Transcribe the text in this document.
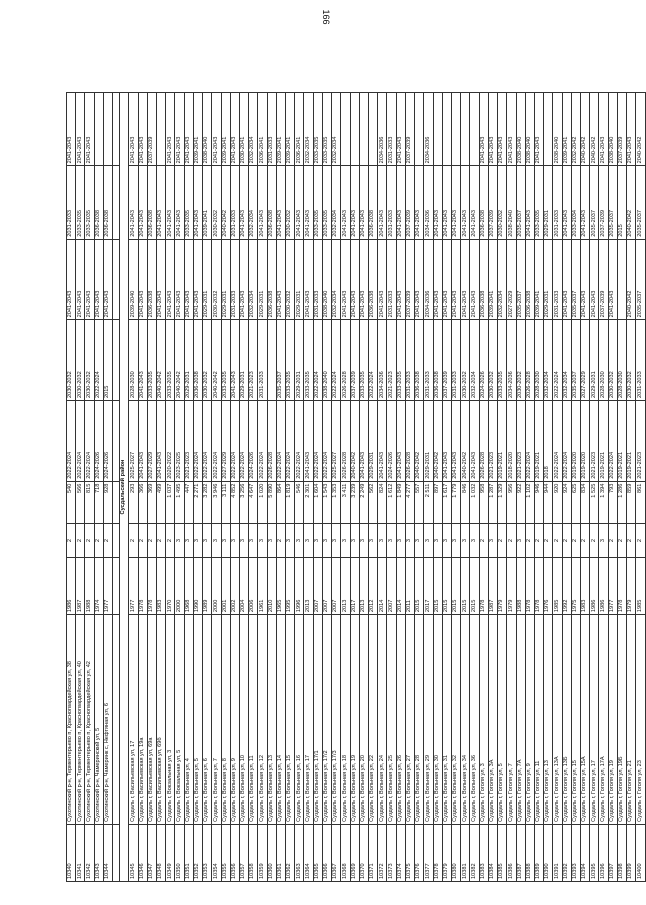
166
10340	Сухотинский р-н, Терментерьево п, Красногвардейская ул, 38	1986	2	540	2022-2024	2030-2032	2041-2043	2031-2033	2041-2043
10341	Сухотинский р-н, Терментерьево п, Красногвардейская ул, 40	1987	2	566	2022-2024	2030-2032	2041-2043	2033-2035	2041-2043
10342	Сухотинский р-н, Терментерьево п, Красногвардейская ул, 42	1988	2	815	2022-2024	2030-2032	2041-2043	2033-2035	2041-2043
10343	Сухотинский р-н, Чамеринский ул, 5	1974	2	718	2024-2026	2022-2024	2041-2043	2036-2038	
10344	Сухотинский р-н, Чамеринк с, Нефтяная ул, 6	1977	2	928	2024-2026	2015	2041-2043	2036-2038	

Сусдальский район									
10345	Суздаль г, Васильевская ул, 17	1977	2	293	2025-2027	2028-2030	2039-2040	2041-2043	2041-2043
10346	Суздаль г, Васильевская ул, 19а	1978	2	366	2041-2043	2041-2043	2041-2043	2041-2043	2041-2043
10347	Суздаль г, Васильевская ул, 69а	1978	2	369	2027-2029	2033-2035	2036-2038	2036-2038	2037-2039
10348	Суздаль г, Васильевская ул, 69б	1983	2	499	2041-2043	2040-2042	2041-2043	2041-2043	
10349	Суздаль г, Вокзальная ул, 3	1970	2	1 037	2020-2022	2033-2035	2041-2043	2041-2043	2041-2043
10350	Суздаль г, Вокзальная ул, 5	2000	3	1 495	2023-2025	2040-2042	2041-2043	2041-2043	2041-2043
10351	Суздаль г, Вольная ул, 4	1968	3	447	2021-2023	2029-2031	2041-2043	2033-2035	2041-2043
10352	Суздаль г, Вольная ул, 5	1990	3	2 271	2022-2024	2036-2038	2041-2043	2041-2043	2039-2041
10353	Суздаль г, Вольная ул, 6	1989	3	3 282	2022-2024	2030-2032	2029-2031	2039-2041	2038-2040
10354	Суздаль г, Вольная ул, 7	2000	3	3 946	2022-2024	2040-2042	2030-2032	2030-2032	2041-2043
10355	Суздаль г, Вольная ул, 8	2001	3	3 111	2027-2029	2033-2035	2029-2031	2040-2042	2039-2041
10356	Суздаль г, Вольная ул, 9	2002	3	4 852	2022-2024	2041-2043	2031-2033	2031-2033	2041-2043
10357	Суздаль г, Вольная ул, 10	2004	3	3 256	2022-2024	2029-2031	2041-2043	2041-2043	2030-2041
10358	Суздаль г, Вольная ул, 11	2006	3	4 647	2024-2026	2021-2023	2032-2034	2032-2034	2032-2034
10359	Суздаль г, Вольная ул, 12	1961	3	1 020	2022-2024	2031-2033	2029-2031	2041-2043	2036-2041
10360	Суздаль г, Вольная ул, 13	2010	3	5 890	2026-2028		2036-2038	2036-2038	2031-2033
10361	Суздаль г, Вольная ул, 14	1965	2	864	2022-2024	2035-2037	2041-2043	2041-2043	2039-2041
10362	Суздаль г, Вольная ул, 15	1995	3	1 819	2022-2024	2033-2035	2030-2032	2030-2032	2039-2041
10363	Суздаль г, Вольная ул, 16	1996	3	546	2022-2024	2029-2031	2029-2031	2041-2043	2036-2041
10364	Суздаль г, Вольная ул, 17	2013	3	2 301	2041-2043	2033-2035	2041-2043	2041-2043	2032-2034
10365	Суздаль г, Вольная ул, 17/1	2007	3	1 604	2022-2024	2022-2024	2031-2033	2033-2035	2033-2035
10366	Суздаль г, Вольная ул, 17/2	2007	3	1 543	2022-2024	2038-2040	2038-2040	2033-2035	2033-2035
10367	Суздаль г, Вольная ул, 17/3	2007	3	1 353	2025-2027	2022-2024	2032-2034	2032-2034	2032-2034
10368	Суздаль г, Вольная ул, 18	2013	3	3 411	2026-2028	2026-2028	2041-2043	2041-2043	
10369	Суздаль г, Вольная ул, 19	2017	3	3 239	2040-2042	2037-2039	2041-2043	2041-2043	
10370	Суздаль г, Вольная ул, 20	2013	3	2 249	2041-2043	2033-2035	2041-2043	2041-2043	
10371	Суздаль г, Вольная ул, 22	2012	3	562	2029-2031	2022-2024	2036-2038	2036-2038	
10372	Суздаль г, Вольная ул, 24	2014	3	824	2041-2043	2034-2036	2041-2043	2041-2043	2034-2036
10373	Суздаль г, Вольная ул, 25	2007	3	1 612	2024-2026	2021-2023	2031-2033	2031-2033	2031-2033
10374	Суздаль г, Вольная ул, 26	2014	3	1 849	2041-2043	2033-2035	2041-2043	2041-2043	2041-2043
10375	Суздаль г, Вольная ул, 27	2011	3	4 277	2026-2028	2031-2033	2037-2039	2037-2039	2037-2039
10376	Суздаль г, Вольная ул, 28	2015	3	557	2040-2042	2036-2038	2041-2043	2041-2043	
10377	Суздаль г, Вольная ул, 29	2017	3	2 511	2029-2031	2031-2033	2034-2036	2034-2036	2034-2036
10378	Суздаль г, Вольная ул, 30	2015	3	897	2040-2042	2036-2038	2041-2043	2041-2043	
10379	Суздаль г, Вольная ул, 31	2015	3	1 617	2041-2043	2037-2039	2041-2043	2041-2043	
10380	Суздаль г, Вольная ул, 32	2015	3	1 779	2041-2043	2031-2033	2041-2043	2041-2043	
10381	Суздаль г, Вольная ул, 34	2015	3	846	2040-2042	2030-2032	2041-2043	2041-2043	
10382	Суздаль г, Вольная ул, 36	2015	3	1 032	2041-2043	2032-2034	2041-2043	2041-2043	
10383	Суздаль г, Гоголя ул, 3	1978	2	958	2026-2028	2024-2026	2036-2038	2036-2038	2041-2043
10384	Суздаль г, Гоголя ул, 3А	1987	3	1 287	2021-2023	2030-2032	2039-2041	2037-2039	2041-2043
10385	Суздаль г, Гоголя ул, 5	1979	2	1 329	2019-2021	2033-2035	2032-2034	2030-2032	2041-2043
10386	Суздаль г, Гоголя ул, 7	1979	2	956	2018-2020	2034-2036	2027-2029	2038-2040	2041-2043
10387	Суздаль г, Гоголя ул, 7А	1988	3	922	2021-2023	2030-2032	2035-2037	2035-2037	2038-2040
10388	Суздаль г, Гоголя ул, 9	1978	2	1 102	2022-2024	2026-2028	2036-2038	2041-2043	2038-2040
10389	Суздаль г, Гоголя ул, 11	1978	2	946	2019-2021	2028-2030	2039-2041	2033-2035	2041-2043
10390	Суздаль г, Гоголя ул, 13	1976	2	944	2018	2032-2034	2029-2031	2029-2031	
10391	Суздаль г, Гоголя ул, 13А	1985	2	920	2022-2024	2022-2024	2031-2033	2031-2033	2038-2040
10392	Суздаль г, Гоголя ул, 13Б	1992	2	924	2022-2024	2032-2034	2041-2043	2041-2043	2039-2041
10393	Суздаль г, Гоголя ул, 15	1975	2	625	2019-2020	2035-2037	2035-2037	2033-2034	2032-2042
10394	Суздаль г, Гоголя ул, 15А	1983	2	834	2019-2020	2027-2029	2041-2043	2041-2043	2040-2042
10395	Суздаль г, Гоголя ул, 17	1986	2	1 525	2021-2023	2029-2031	2041-2043	2035-2037	2040-2042
10396	Суздаль г, Гоголя ул, 17А	1986	3	1 394	2019-2021	2028-2030	2037-2039	2037-2039	2041-2043
10397	Суздаль г, Гоголя ул, 19	1977	2	793	2022-2024	2030-2032	2041-2043	2035-2037	2038-2040
10398	Суздаль г, Гоголя ул, 19Б	1978	2	1 286	2019-2021	2028-2030		2015	2037-2039
10399	Суздаль г, Гоголя ул, 21	1979	2	859	2019-2021	2030-2032	2040-2042	2040-2042	2041-2043
10400	Суздаль г, Гоголя ул, 23	1985	2	861	2021-2023	2031-2033	2035-2037	2035-2037	2040-2042
